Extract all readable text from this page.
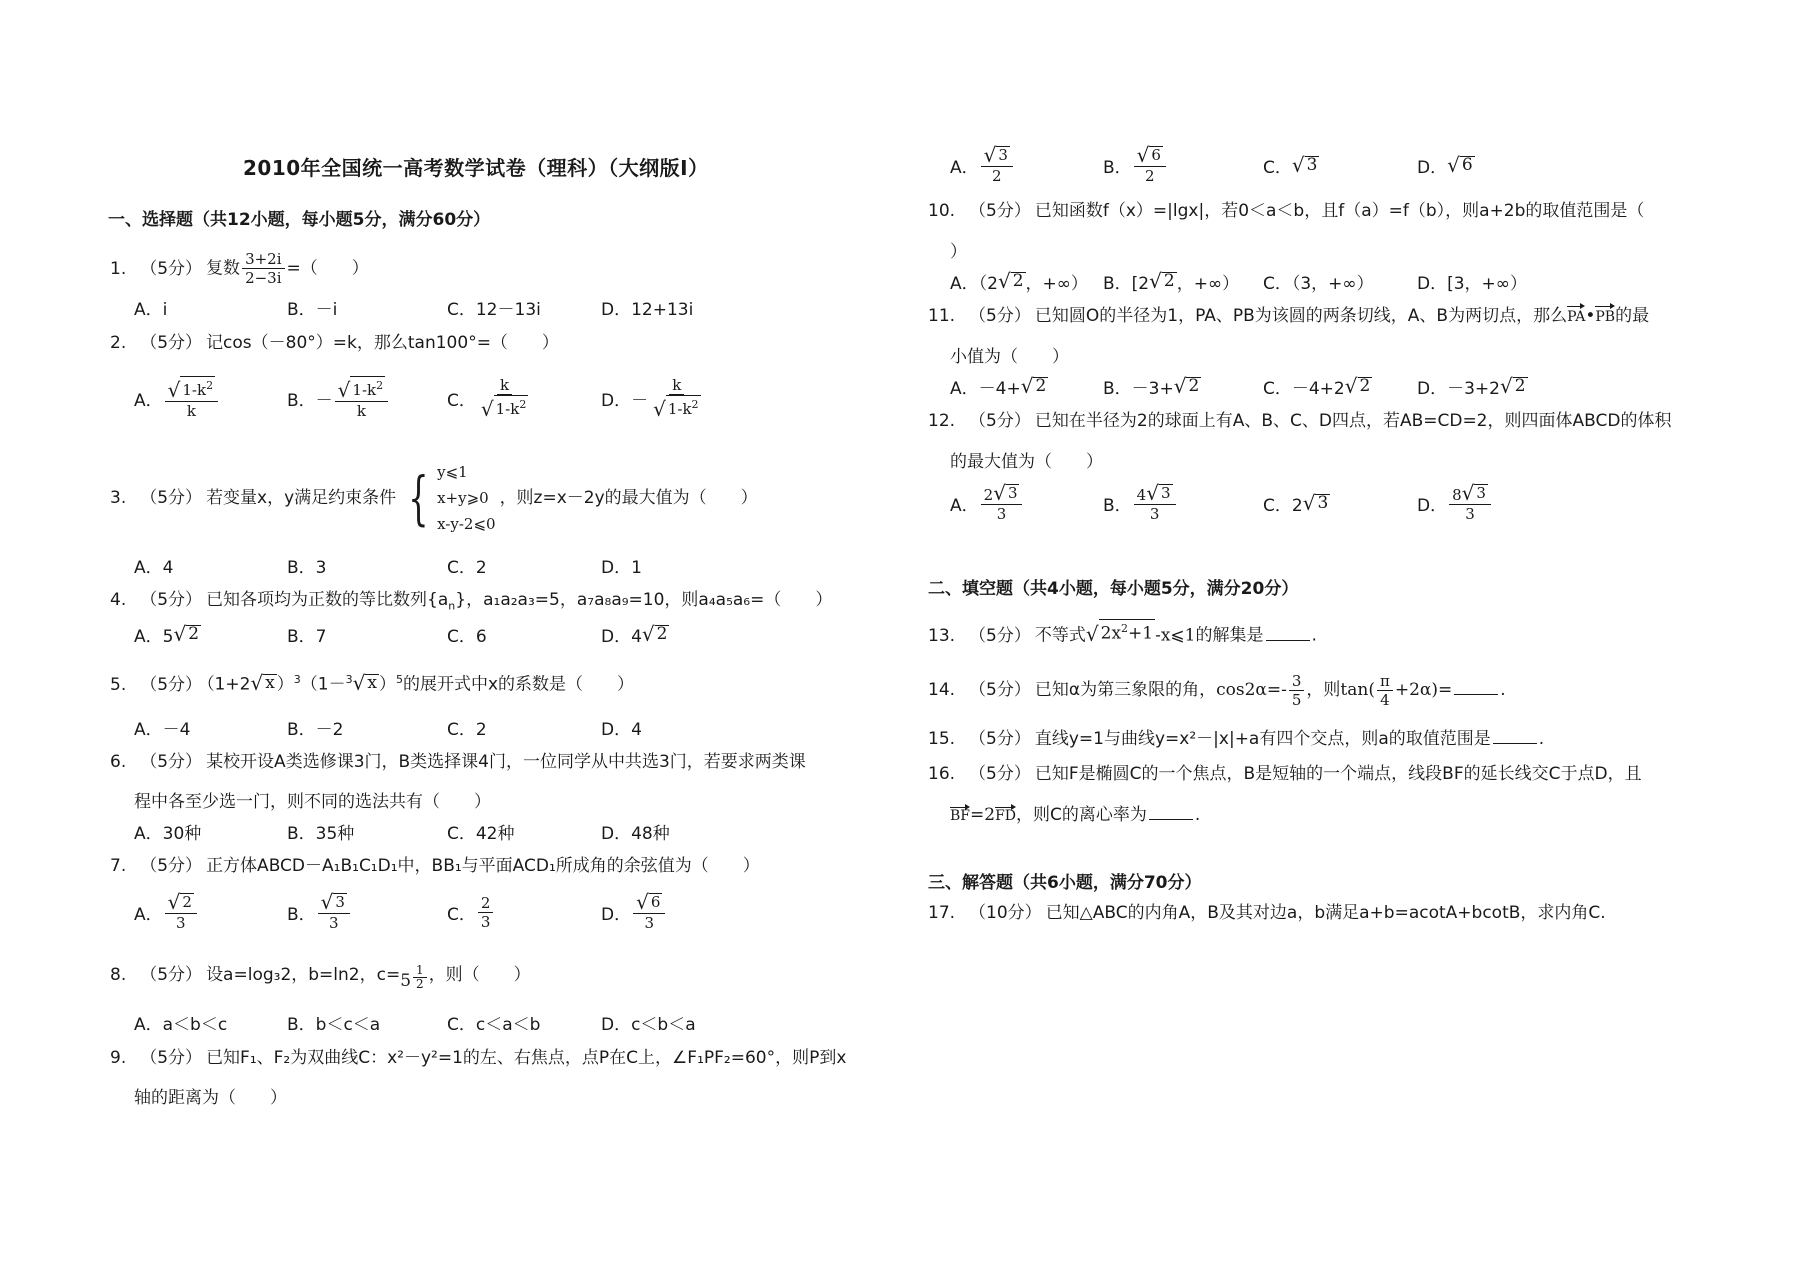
2010年全国统一高考数学试卷（理科）（大纲版I）
一、选择题（共12小题，每小题5分，满分60分）
1. （5分） 复数 $\frac{3+2i}{2-3i}$ =（　　）
A．i	B．－i	C．12－13i	D．12+13i
2. （5分） 记cos（－80°）=k，那么tan100°=（　　）
A． $\frac{√ 1-k^2}{k}$	B．－ $\frac{√ 1-k^2}{k}$	C． $\frac{k}{√ 1-k^2}$	D．－ $\frac{k}{√ 1-k^2}$
3. （5分） 若变量x，y满足约束条件 { y⩽1
x+y⩾0
x-y-2⩽0
，则z=x－2y的最大值为（　　）
A．4	B．3	C．2	D．1
4. （5分） 已知各项均为正数的等比数列$\{a_n\}$，a₁a₂a₃=5，a₇a₈a₉=10，则a₄a₅a₆=（　　）
A．5 √ 2	B．7	C．6	D．4 √ 2
5. （5分） （1+2 √ x ）$^3$（1－$^3$ √ x ）$^5$的展开式中x的系数是（　　）
A．－4	B．－2	C．2	D．4
6. （5分） 某校开设A类选修课3门，B类选择课4门，一位同学从中共选3门，若要求两类课
程中各至少选一门，则不同的选法共有（　　）
A．30种	B．35种	C．42种	D．48种
7. （5分） 正方体ABCD－A₁B₁C₁D₁中，BB₁与平面ACD₁所成角的余弦值为（　　）
A． $\frac{√ 2}{3}$	B． $\frac{√ 3}{3}$	C． $\frac{2}{3}$	D． $\frac{√ 6}{3}$
8. （5分） 设a=log₃2，b=ln2，$c=5 \frac{1}{2}$ ，则（　　）
A．a＜b＜c	B．b＜c＜a	C．c＜a＜b	D．c＜b＜a
9. （5分） 已知F₁、F₂为双曲线C：x²－y²=1的左、右焦点，点P在C上，∠F₁PF₂=60°，则P到x
轴的距离为（　　）
A． $\frac{√ 3}{2}$	B． $\frac{√ 6}{2}$	C． √ 3	D． √ 6
10. （5分） 已知函数f（x）=|lgx|，若0＜a＜b，且f（a）=f（b），则a+2b的取值范围是（
）
A．（2 √ 2 ，+∞） B．[2 √ 2 ，+∞） C．（3，+∞）	D．[3，+∞）
11. （5分） 已知圆O的半径为1，PA、PB为该圆的两条切线，A、B为两切点，那么PA•PB的最
小值为（　　）
A．－4+ √ 2	B．－3+ √ 2	C．－4+2 √ 2	D．－3+2 √ 2
12. （5分） 已知在半径为2的球面上有A、B、C、D四点，若AB=CD=2，则四面体ABCD的体积
的最大值为（　　）
A． $\frac{2 √ 3}{3}$	B． $\frac{4 √ 3}{3}$	C．2 √ 3	D． $\frac{8 √ 3}{3}$
二、填空题（共4小题，每小题5分，满分20分）
13. （5分） 不等式 √ $2x^2+1$ -x⩽1的解集是	.
14. （5分） 已知α为第三象限的角，$\cos 2\alpha=- \frac{3}{5}$ ，则$\tan( \frac{\pi}{4} +2\alpha)=$	.
15. （5分） 直线y=1与曲线y=x²－|x|+a有四个交点，则a的取值范围是	.
16. （5分） 已知F是椭圆C的一个焦点，B是短轴的一个端点，线段BF的延长线交C于点D，且
BF=2FD，则C的离心率为	.
三、解答题（共6小题，满分70分）
17. （10分） 已知△ABC的内角A，B及其对边a，b满足a+b=acotA+bcotB，求内角C.
